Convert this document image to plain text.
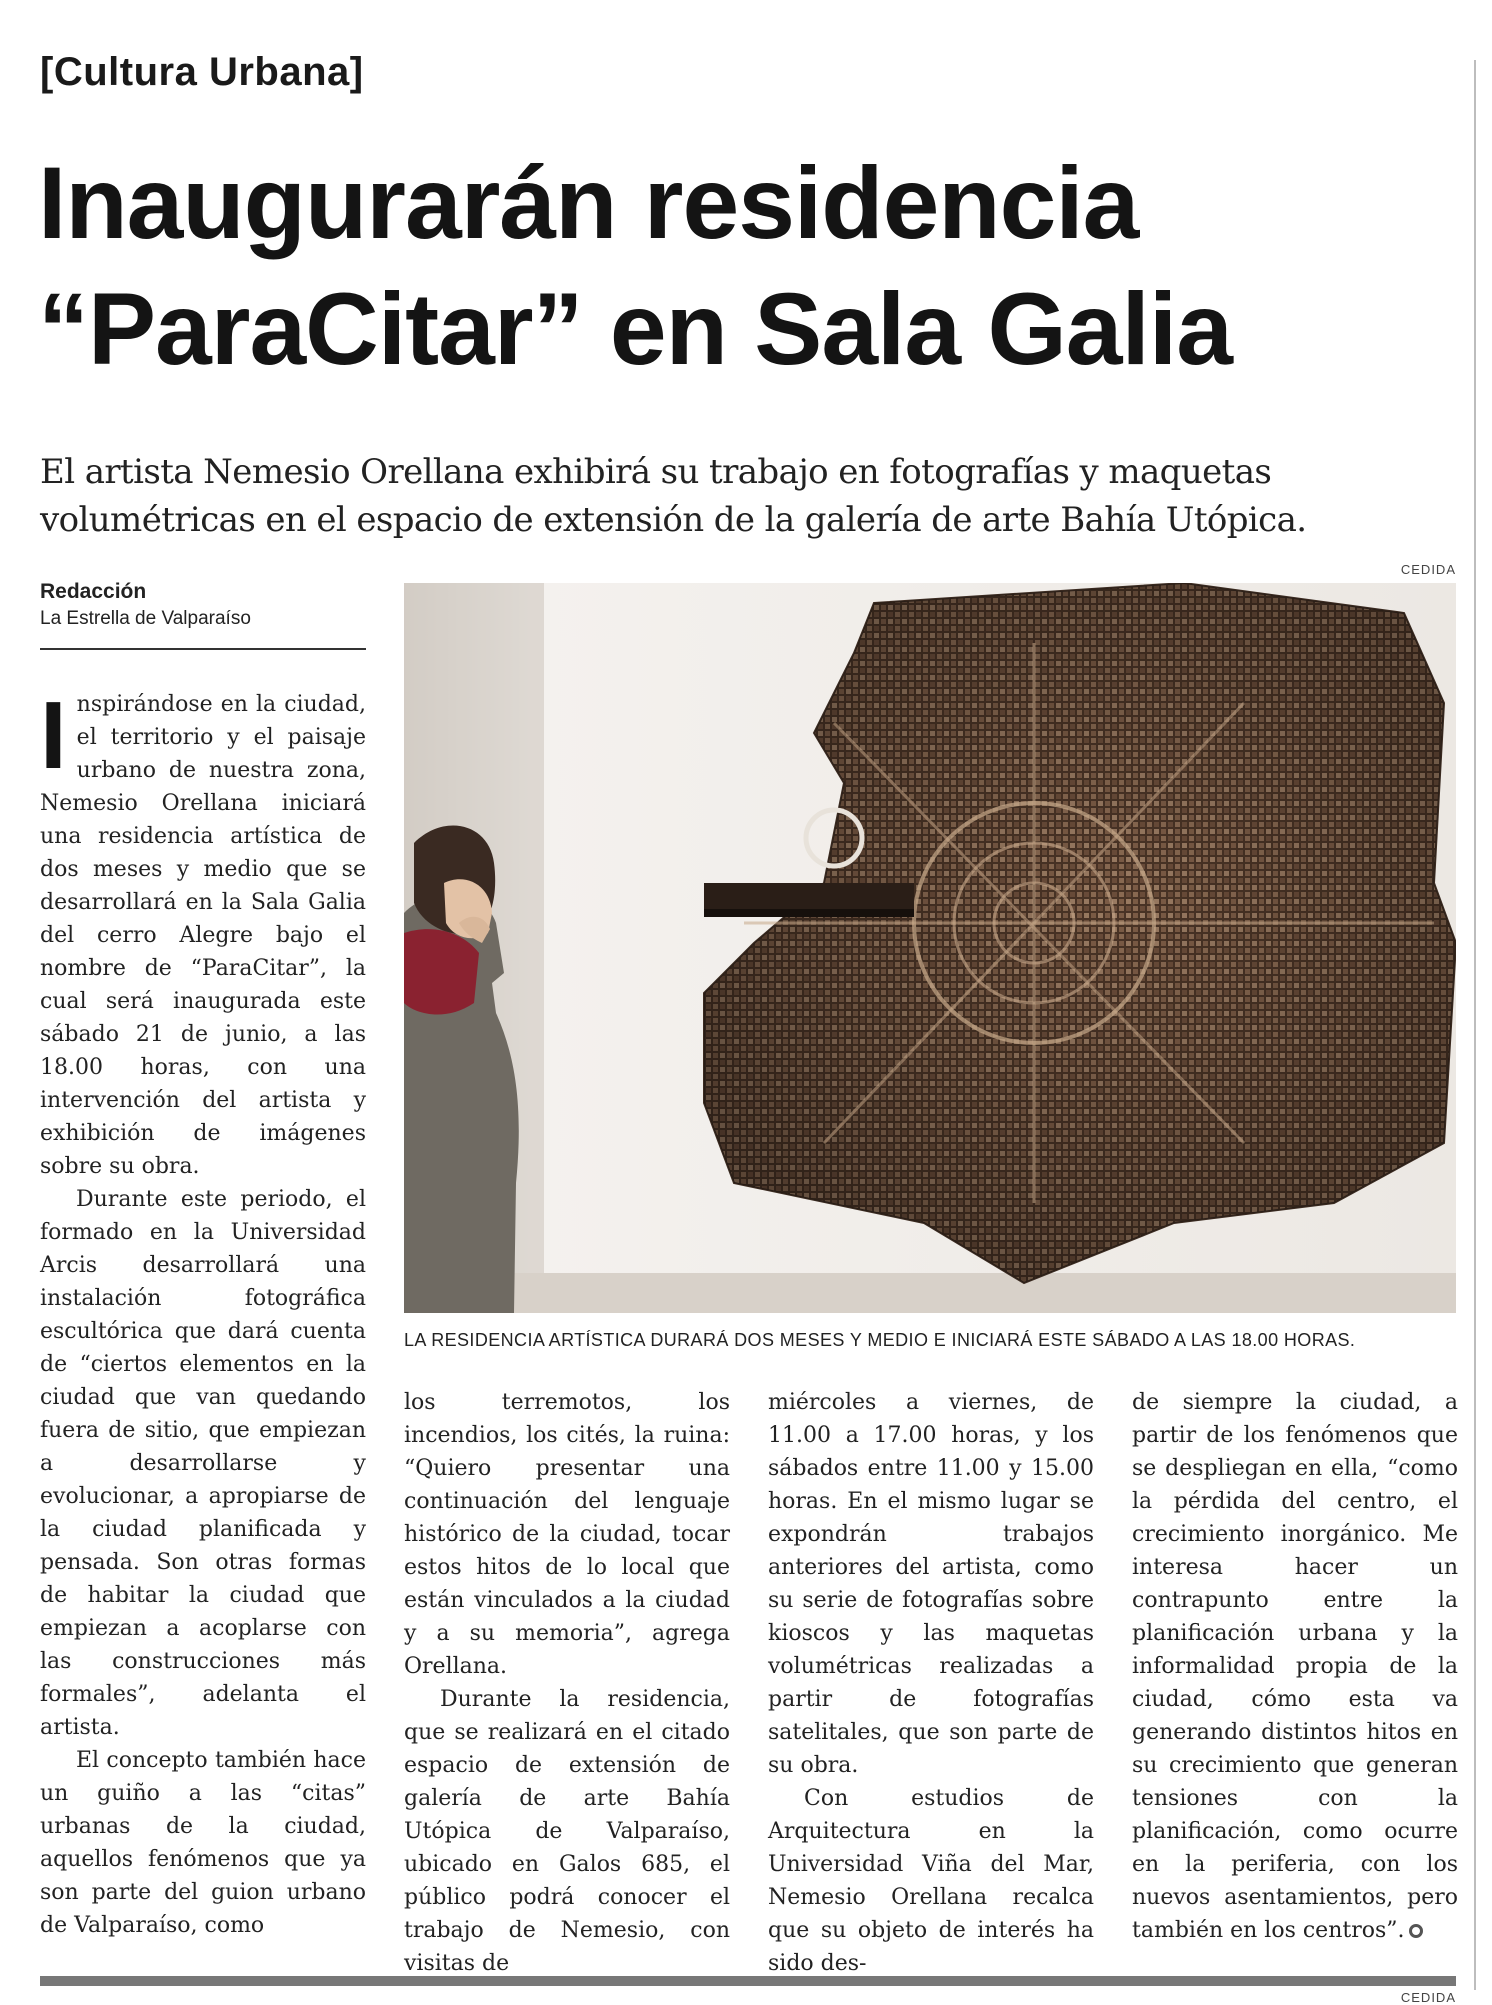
[Cultura Urbana]
Inaugurarán residencia
“ParaCitar” en Sala Galia
El artista Nemesio Orellana exhibirá su trabajo en fotografías y maquetas
volumétricas en el espacio de extensión de la galería de arte Bahía Utópica.
Redacción
La Estrella de Valparaíso
CEDIDA
LA RESIDENCIA ARTÍSTICA DURARÁ DOS MESES Y MEDIO E INICIARÁ ESTE SÁBADO A LAS 18.00 HORAS.

Inspirándose en la ciudad, el territorio y el paisaje urbano de nuestra zona, Nemesio Orellana iniciará una residencia artística de dos meses y medio que se desarrollará en la Sala Galia del cerro Alegre bajo el nombre de “ParaCitar”, la cual será inaugurada este sábado 21 de junio, a las 18.00 horas, con una intervención del artista y exhibición de imágenes sobre su obra.

Durante este periodo, el formado en la Universidad Arcis desarrollará una instalación fotográfica escultórica que dará cuenta de “ciertos elementos en la ciudad que van quedando fuera de sitio, que empiezan a desarrollarse y evolucionar, a apropiarse de la ciudad planificada y pensada. Son otras formas de habitar la ciudad que empiezan a acoplarse con las construcciones más formales”, adelanta el artista.

El concepto también hace un guiño a las “citas” urbanas de la ciudad, aquellos fenómenos que ya son parte del guion urbano de Valparaíso, como

los terremotos, los incendios, los cités, la ruina: “Quiero presentar una continuación del lenguaje histórico de la ciudad, tocar estos hitos de lo local que están vinculados a la ciudad y a su memoria”, agrega Orellana.

Durante la residencia, que se realizará en el citado espacio de extensión de galería de arte Bahía Utópica de Valparaíso, ubicado en Galos 685, el público podrá conocer el trabajo de Nemesio, con visitas de

miércoles a viernes, de 11.00 a 17.00 horas, y los sábados entre 11.00 y 15.00 horas. En el mismo lugar se expondrán trabajos anteriores del artista, como su serie de fotografías sobre kioscos y las maquetas volumétricas realizadas a partir de fotografías satelitales, que son parte de su obra.

Con estudios de Arquitectura en la Universidad Viña del Mar, Nemesio Orellana recalca que su objeto de interés ha sido des-

de siempre la ciudad, a partir de los fenómenos que se despliegan en ella, “como la pérdida del centro, el crecimiento inorgánico. Me interesa hacer un contrapunto entre la planificación urbana y la informalidad propia de la ciudad, cómo esta va generando distintos hitos en su crecimiento que generan tensiones con la planificación, como ocurre en la periferia, con los nuevos asentamientos, pero también en los centros”.

CEDIDA
